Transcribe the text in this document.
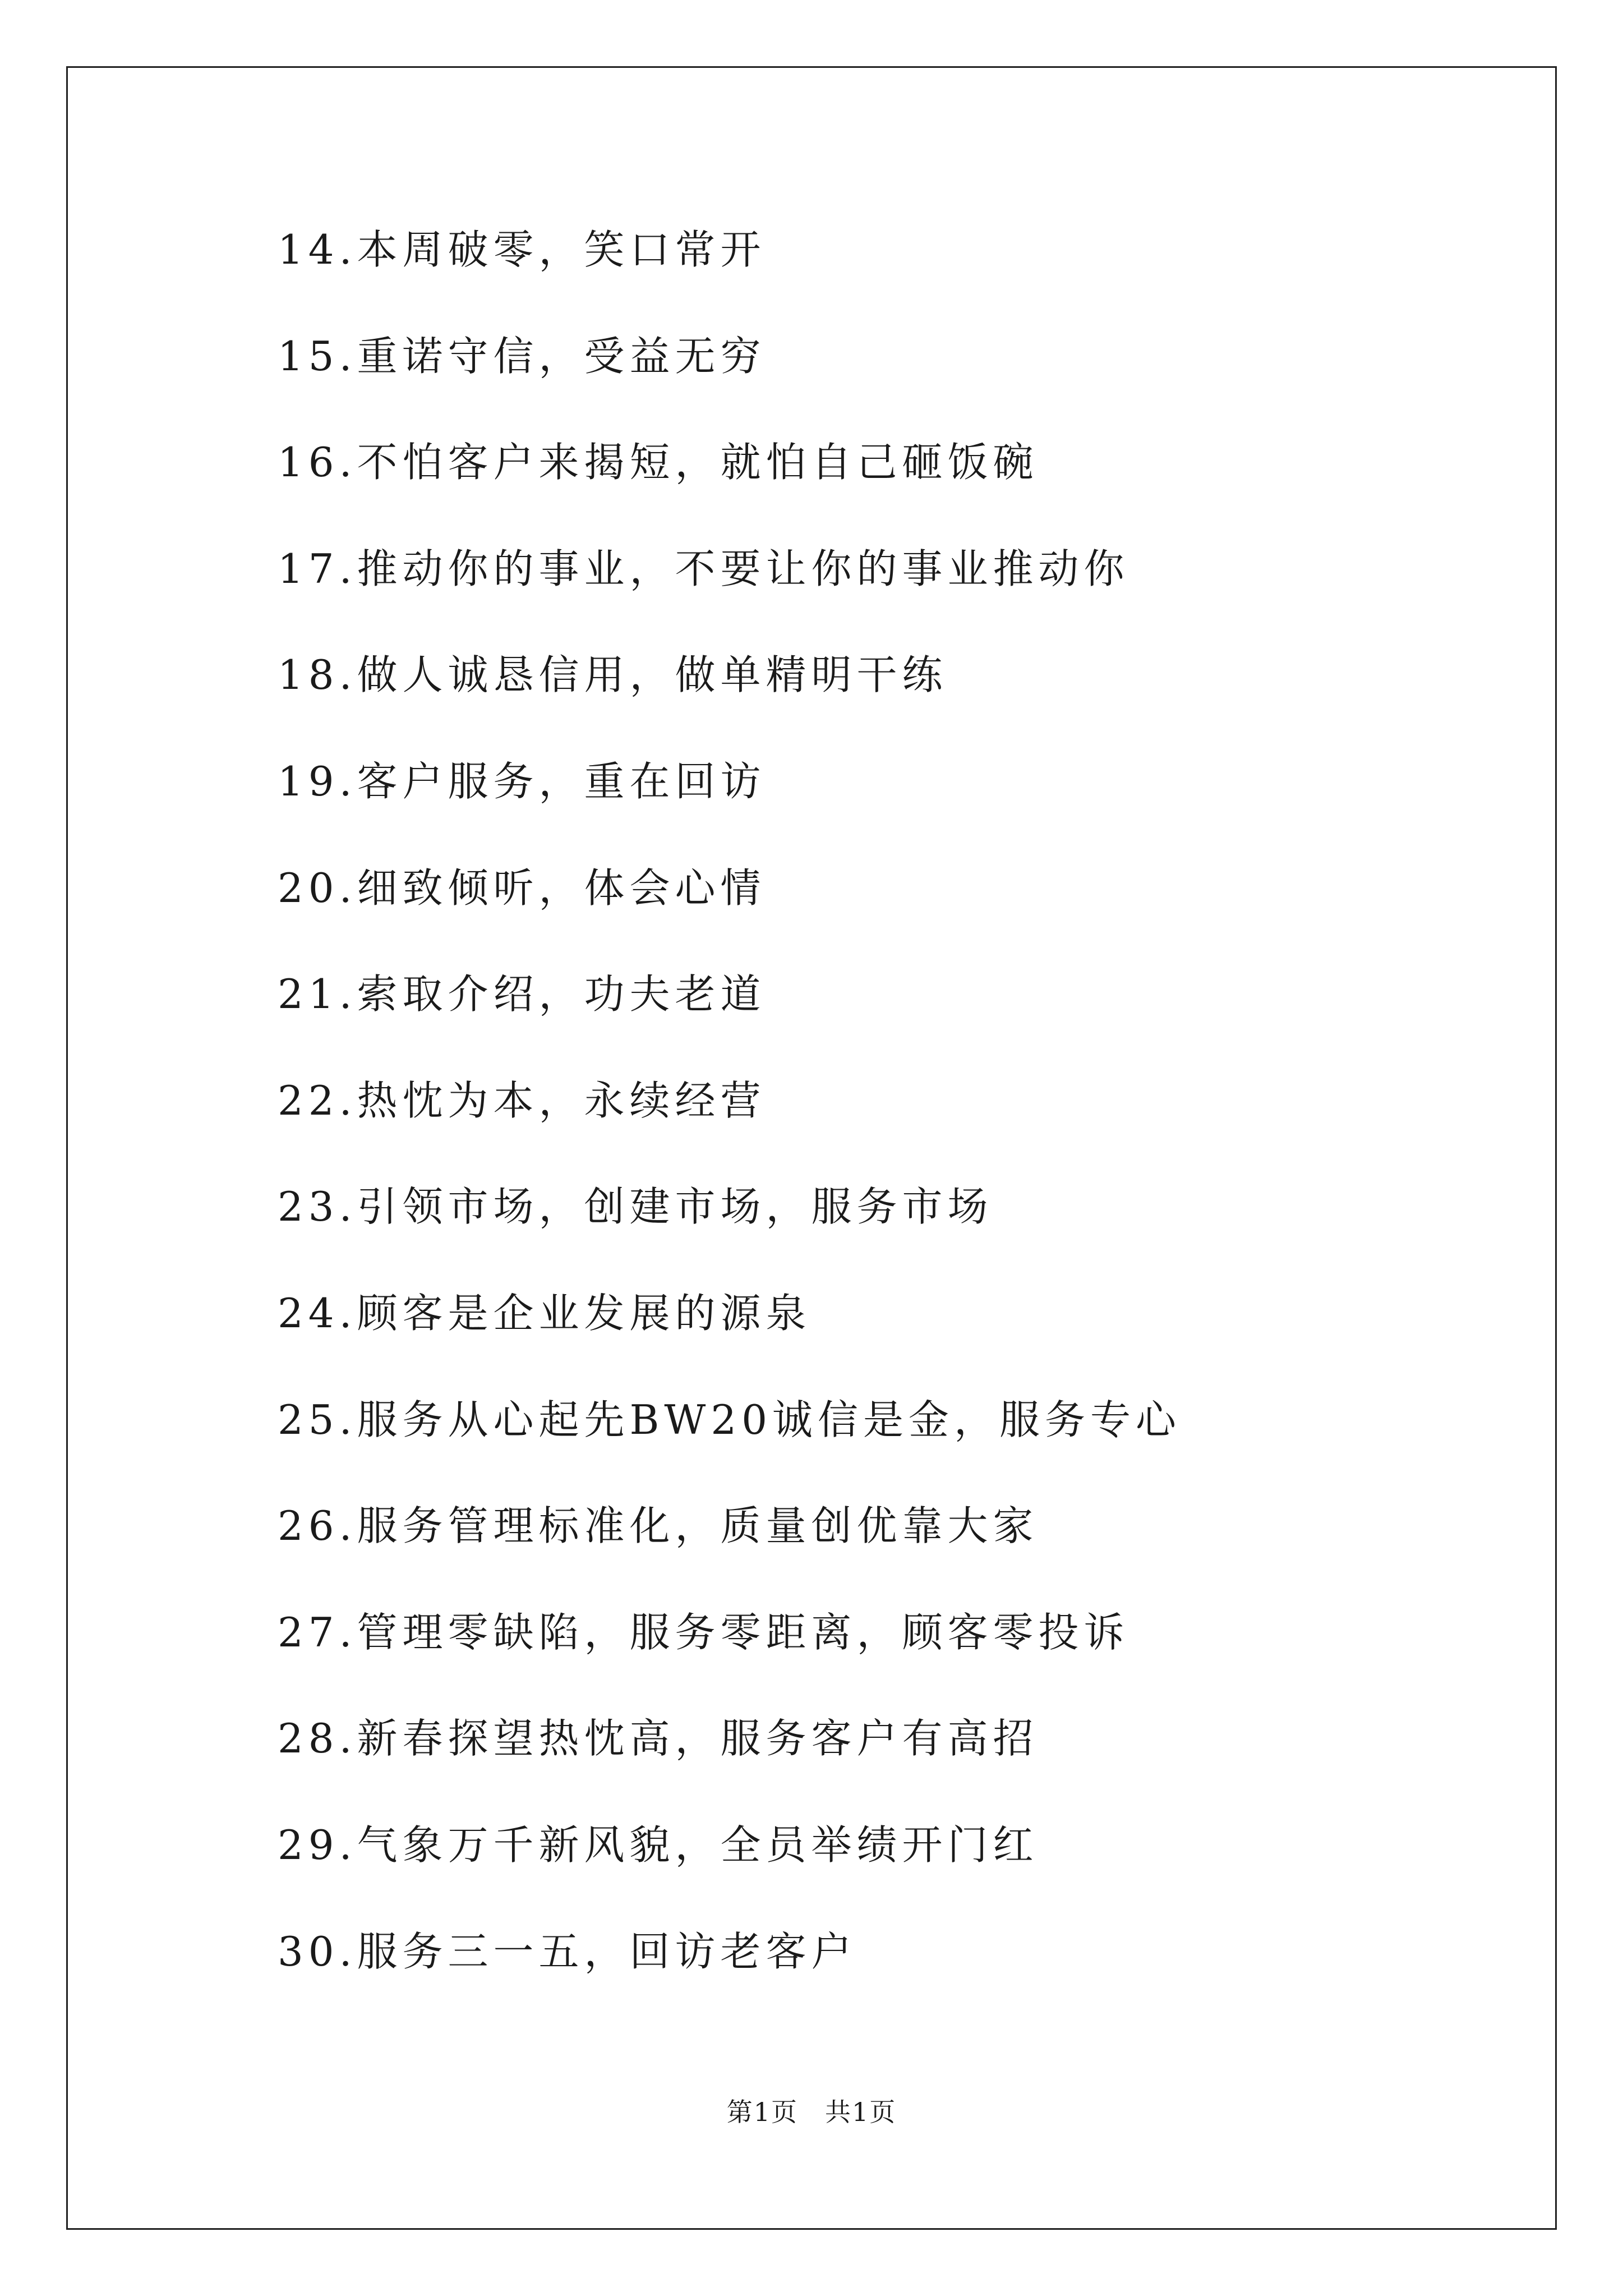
14.本周破零，笑口常开
15.重诺守信，受益无穷
16.不怕客户来揭短，就怕自己砸饭碗
17.推动你的事业，不要让你的事业推动你
18.做人诚恳信用，做单精明干练
19.客户服务，重在回访
20.细致倾听，体会心情
21.索取介绍，功夫老道
22.热忱为本，永续经营
23.引领市场，创建市场，服务市场
24.顾客是企业发展的源泉
25.服务从心起先BW20诚信是金，服务专心
26.服务管理标准化，质量创优靠大家
27.管理零缺陷，服务零距离，顾客零投诉
28.新春探望热忱高，服务客户有高招
29.气象万千新风貌，全员举绩开门红
30.服务三一五，回访老客户
第1页　共1页
